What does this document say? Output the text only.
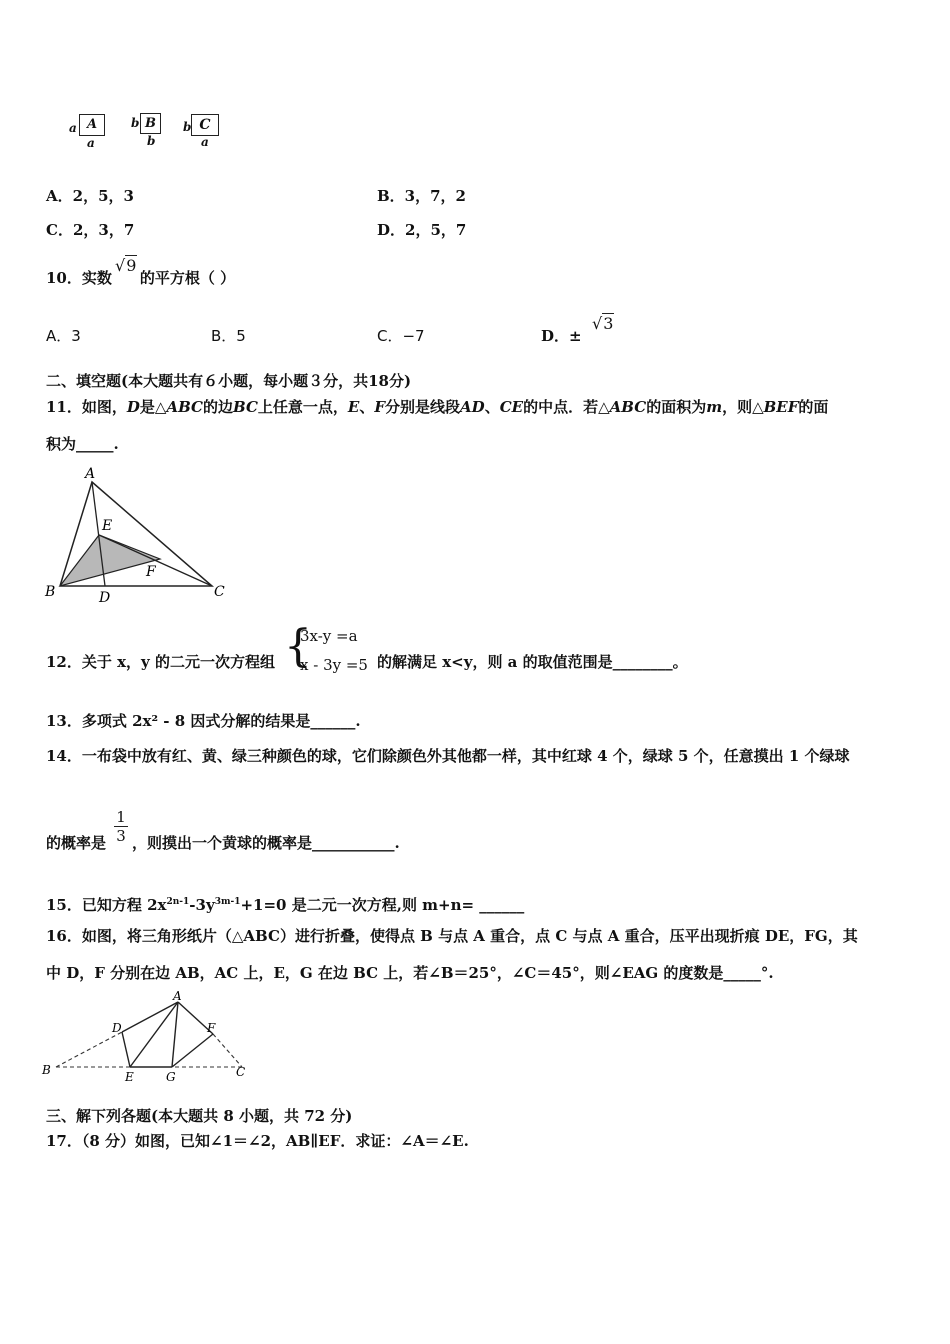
a A
a
b B
b
b C
a
A．2，5，3	B．3，7，2
C．2，3，7	D．2，5，7
10．实数 的平方根（ ）
√9
A．3	B．5	C．−7	D．±
√3
二、填空题(本大题共有６小题，每小题３分，共18分)
11．如图，D是△ABC的边BC上任意一点，E、F分别是线段AD、CE的中点．若△ABC的面积为m，则△BEF的面
积为_____.
A
B	C
D
E
F
12．关于 x，y 的二元一次方程组 {
3x-y =a
x - 3y =5 的解满足 x<y，则 a 的取值范围是________。
13．多项式 2x² - 8 因式分解的结果是______.
14．一布袋中放有红、黄、绿三种颜色的球，它们除颜色外其他都一样，其中红球 4 个，绿球 5 个，任意摸出 1 个绿球
的概率是 ，则摸出一个黄球的概率是___________.
$\frac{1}{3}$
15．已知方程 $2x^{2n-1}-3y^{3m-1}+1=0$ 是二元一次方程,则 m+n= ______
16．如图，将三角形纸片（△ABC）进行折叠，使得点 B 与点 A 重合，点 C 与点 A 重合，压平出现折痕 DE，FG，其
中 D，F 分别在边 AB，AC 上，E，G 在边 BC 上，若∠B＝25°，∠C＝45°，则∠EAG 的度数是_____°.
A
B	C
D
E
F
G
三、解下列各题(本大题共 8 小题，共 72 分)
17．（8 分）如图，已知∠1＝∠2，AB∥EF．求证：∠A＝∠E.
